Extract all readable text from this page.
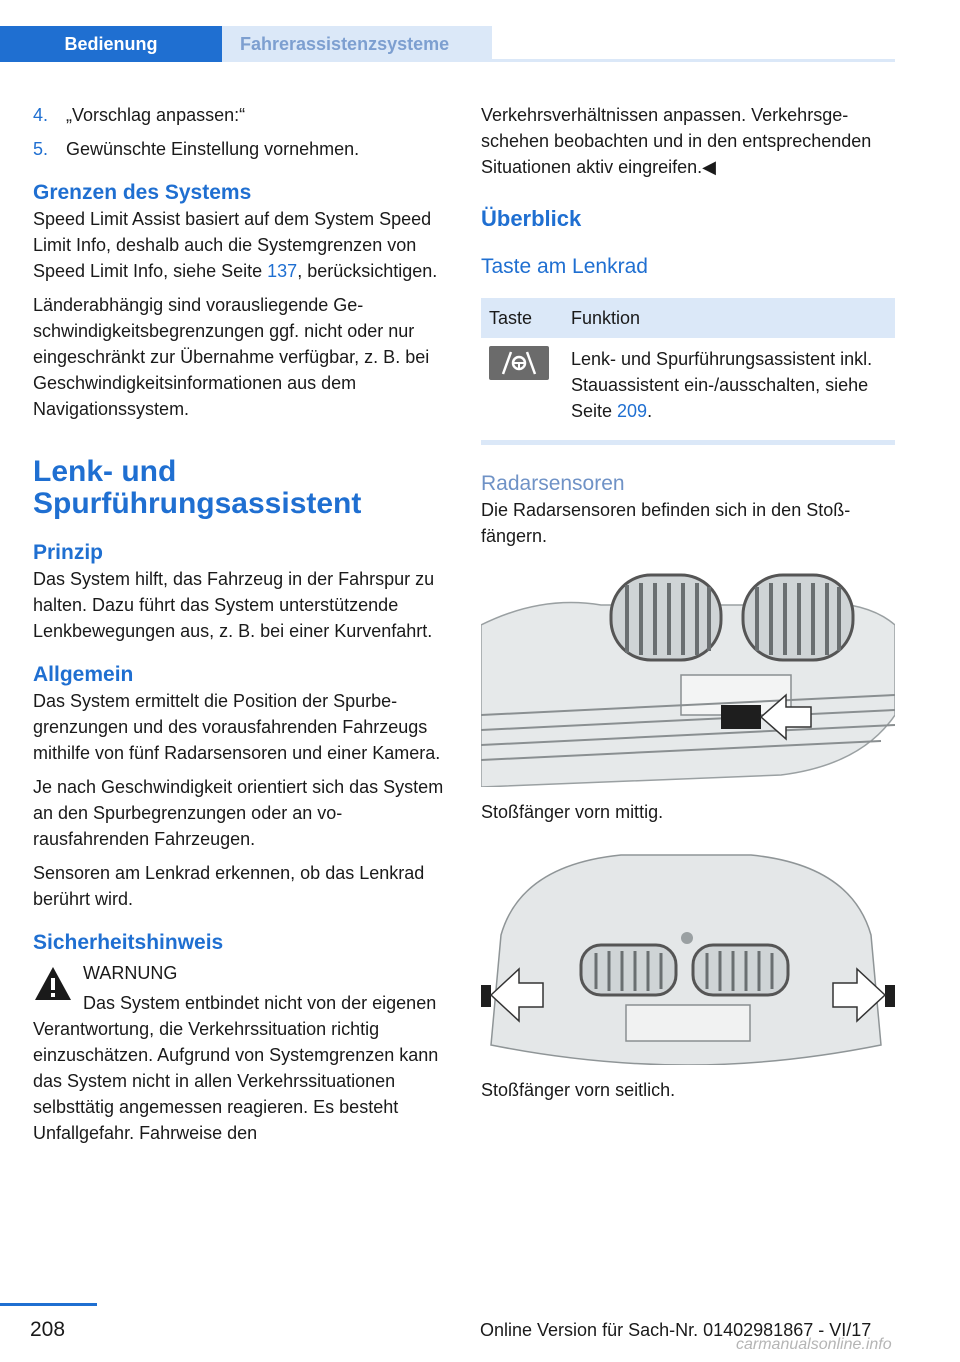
Bedienung	Fahrerassistenzsysteme
4. „Vorschlag anpassen:“
5. Gewünschte Einstellung vornehmen.
Grenzen des Systems

Speed Limit Assist basiert auf dem System Speed Limit Info, deshalb auch die Systemgrenzen von Speed Limit Info, siehe Seite 137, berücksichtigen.

Länderabhängig sind vorausliegende Geschwindigkeitsbegrenzungen ggf. nicht oder nur eingeschränkt zur Übernahme verfügbar, z. B. bei Geschwindigkeitsinformationen aus dem Navigationssystem.

Lenk- und
Spurführungsassistent
Prinzip

Das System hilft, das Fahrzeug in der Fahrspur zu halten. Dazu führt das System unterstützende Lenkbewegungen aus, z. B. bei einer Kurvenfahrt.

Allgemein

Das System ermittelt die Position der Spurbegrenzungen und des vorausfahrenden Fahrzeugs mithilfe von fünf Radarsensoren und einer Kamera.

Je nach Geschwindigkeit orientiert sich das System an den Spurbegrenzungen oder an vorausfahrenden Fahrzeugen.

Sensoren am Lenkrad erkennen, ob das Lenkrad berührt wird.

Sicherheitshinweis
WARNUNG

Das System entbindet nicht von der eigenen Verantwortung, die Verkehrssituation richtig einzuschätzen. Aufgrund von Systemgrenzen kann das System nicht in allen Verkehrssituationen selbsttätig angemessen reagieren. Es besteht Unfallgefahr. Fahrweise den

Verkehrsverhältnissen anpassen. Verkehrsgeschehen beobachten und in den entsprechenden Situationen aktiv eingreifen.◀

Überblick
Taste am Lenkrad
Taste	Funktion

	Lenk- und Spurführungsassistent inkl. Stauassistent ein-/ausschalten, siehe Seite 209.
Radarsensoren

Die Radarsensoren befinden sich in den Stoßfängern.

Stoßfänger vorn mittig.

Stoßfänger vorn seitlich.

208	Online Version für Sach-Nr. 01402981867 - VI/17
carmanualsonline.info
